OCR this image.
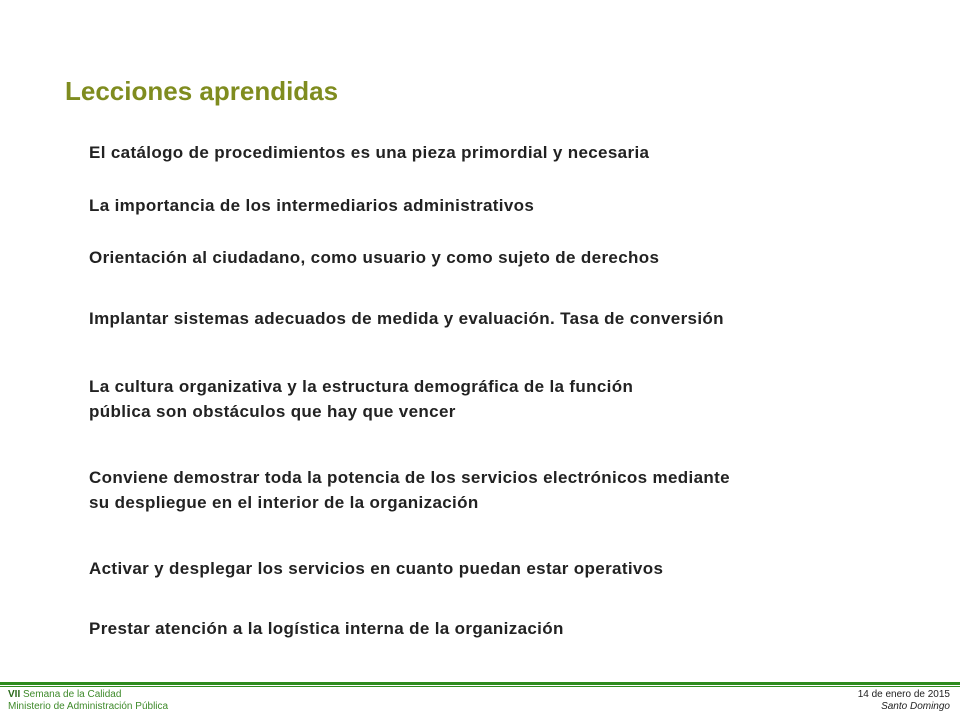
Lecciones aprendidas

El catálogo de procedimientos es una pieza primordial y necesaria

La importancia de los intermediarios administrativos

Orientación al ciudadano, como usuario y como sujeto de derechos

Implantar sistemas adecuados de medida y evaluación. Tasa de conversión

La cultura organizativa y la estructura demográfica de la función
pública son obstáculos que hay que vencer

Conviene demostrar toda la potencia de los servicios electrónicos mediante
su despliegue en el interior de la organización

Activar y desplegar los servicios en cuanto puedan estar operativos

Prestar atención a la logística interna de la organización

VII Semana de la Calidad
Ministerio de Administración Pública
14 de enero de 2015
Santo Domingo
